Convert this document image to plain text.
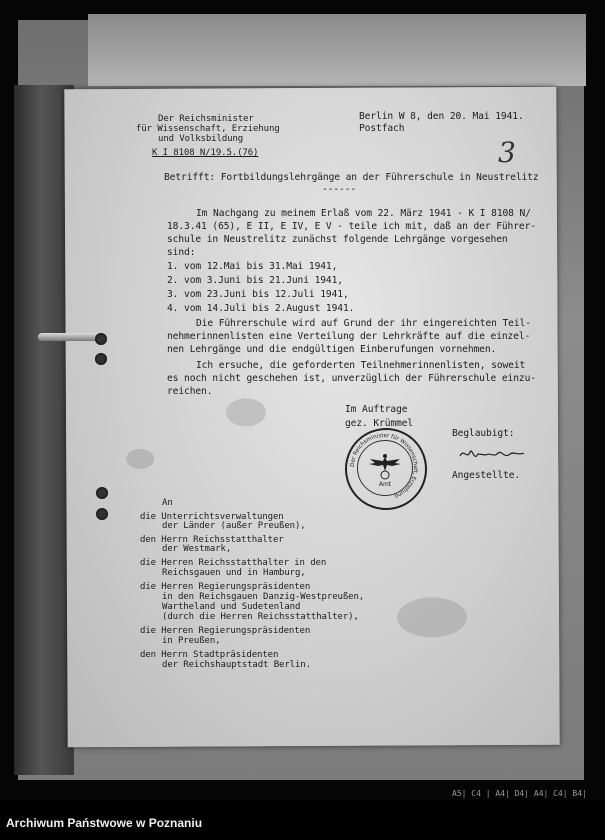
Der Reichsminister
für Wissenschaft, Erziehung
und Volksbildung
K I 8108 N/19.5.(76)
Berlin W 8, den 20. Mai 1941.
Postfach
3
Betrifft: Fortbildungslehrgänge an der Führerschule in Neustrelitz
------
Im Nachgang zu meinem Erlaß vom 22. März 1941 - K I 8108 N/
18.3.41 (65), E II, E IV, E V - teile ich mit, daß an der Führer-
schule in Neustrelitz zunächst folgende Lehrgänge vorgesehen
sind:
1. vom 12.Mai bis 31.Mai 1941,
2. vom 3.Juni bis 21.Juni 1941,
3. vom 23.Juni bis 12.Juli 1941,
4. vom 14.Juli bis 2.August 1941.
Die Führerschule wird auf Grund der ihr eingereichten Teil-
nehmerinnenlisten eine Verteilung der Lehrkräfte auf die einzel-
nen Lehrgänge und die endgültigen Einberufungen vornehmen.
Ich ersuche, die geforderten Teilnehmerinnenlisten, soweit
es noch nicht geschehen ist, unverzüglich der Führerschule einzu-
reichen.
Im Auftrage
gez. Krümmel
Beglaubigt:
Der Reichsminister für Wissenschaft, Erziehung
Amt
Angestellte.
An
die Unterrichtsverwaltungen
der Länder (außer Preußen),
den Herrn Reichsstatthalter
der Westmark,
die Herren Reichsstatthalter in den
Reichsgauen und in Hamburg,
die Herren Regierungspräsidenten
in den Reichsgauen Danzig-Westpreußen,
Wartheland und Sudetenland
(durch die Herren Reichsstatthalter),
die Herren Regierungspräsidenten
in Preußen,
den Herrn Stadtpräsidenten
der Reichshauptstadt Berlin.
A5| C4 | A4| D4| A4| C4| B4|
Archiwum Państwowe w Poznaniu
